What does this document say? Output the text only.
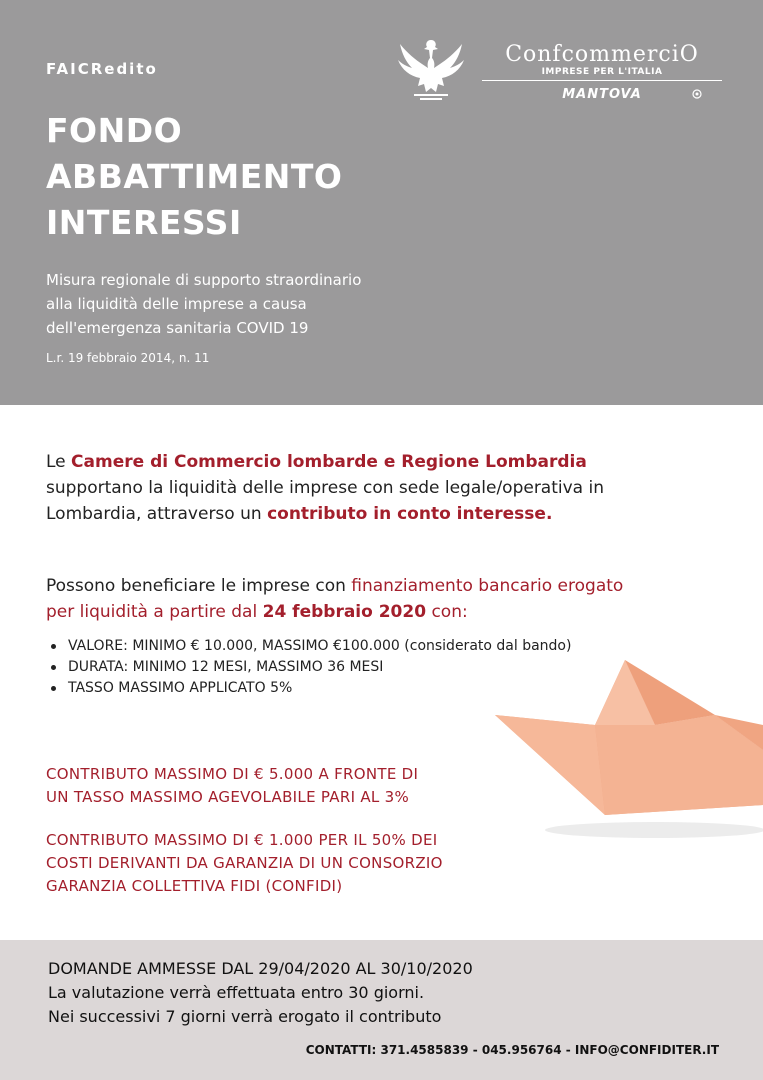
FAICRedito
FONDO
ABBATTIMENTO
INTERESSI
Misura regionale di supporto straordinario
alla liquidità delle imprese a causa
dell'emergenza sanitaria COVID 19
L.r. 19 febbraio 2014, n. 11
ConfcommerciO
IMPRESE PER L'ITALIA
MANTOVA
Le Camere di Commercio lombarde e Regione Lombardia
supportano la liquidità delle imprese con sede legale/operativa in
Lombardia, attraverso un contributo in conto interesse.
Possono beneficiare le imprese con finanziamento bancario erogato
per liquidità a partire dal 24 febbraio 2020 con:
VALORE: MINIMO € 10.000, MASSIMO €100.000 (considerato dal bando)
DURATA: MINIMO 12 MESI, MASSIMO 36 MESI
TASSO MASSIMO APPLICATO 5%
CONTRIBUTO MASSIMO DI € 5.000 A FRONTE DI
UN TASSO MASSIMO AGEVOLABILE PARI AL 3%
CONTRIBUTO MASSIMO DI € 1.000 PER IL 50% DEI
COSTI DERIVANTI DA GARANZIA DI UN CONSORZIO
GARANZIA COLLETTIVA FIDI (CONFIDI)
DOMANDE AMMESSE DAL 29/04/2020 AL 30/10/2020
La valutazione verrà effettuata entro 30 giorni.
Nei successivi 7 giorni verrà erogato il contributo
CONTATTI: 371.4585839 - 045.956764 - INFO@CONFIDITER.IT
